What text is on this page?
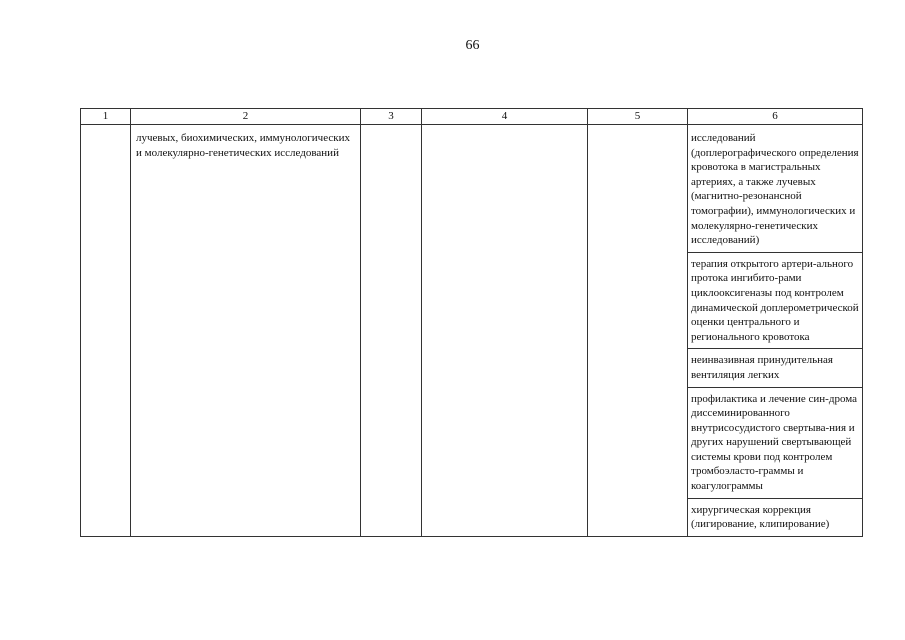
66
1	2	3	4	5	6
	лучевых, биохимических, иммунологических и молекулярно-генетических исследований				исследований (доплерографического определения кровотока в магистральных артериях, а также лучевых (магнитно-резонансной томографии), иммунологических и молекулярно-генетических исследований)
					терапия открытого артери-ального протока ингибито-рами циклооксигеназы под контролем динамической доплерометрической оценки центрального и регионального кровотока
					неинвазивная принудительная вентиляция легких
					профилактика и лечение син-дрома диссеминированного внутрисосудистого свертыва-ния и других нарушений свертывающей системы крови под контролем тромбоэласто-граммы и коагулограммы
					хирургическая коррекция (лигирование, клипирование)
